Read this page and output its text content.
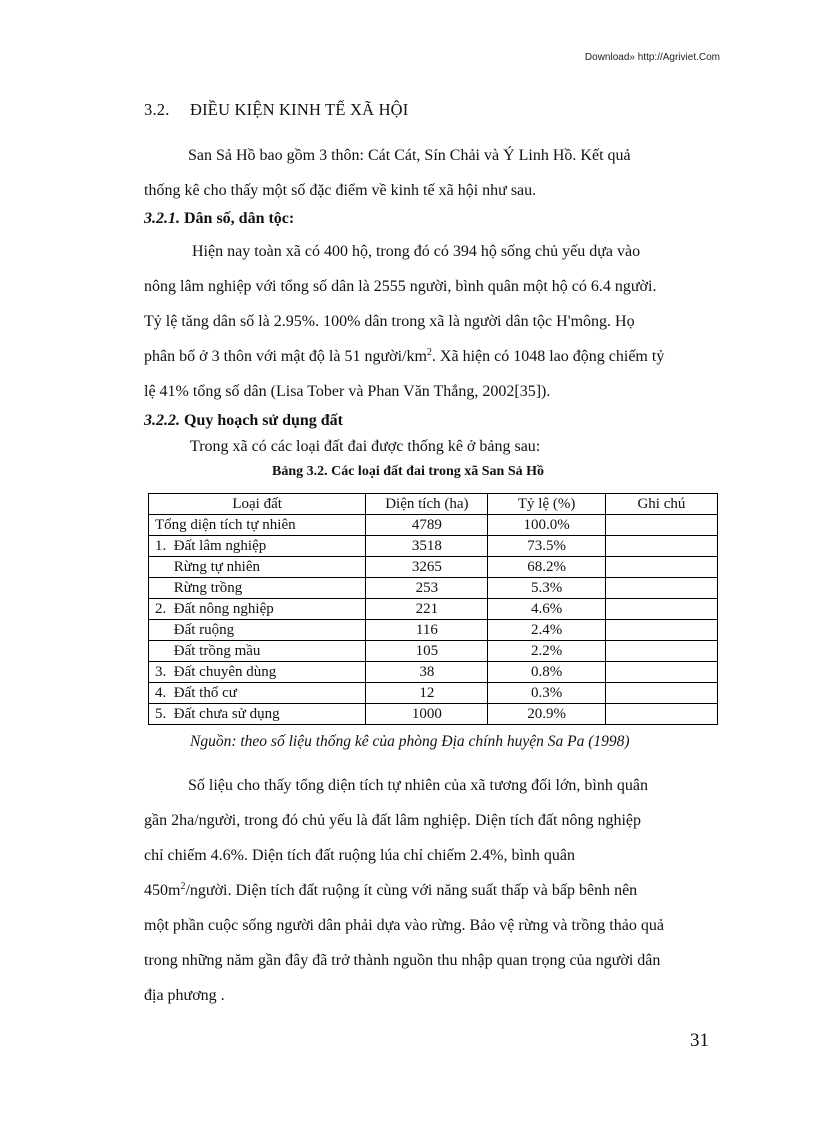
Download» http://Agriviet.Com
3.2. ĐIỀU KIỆN KINH TẾ XÃ HỘI
San Sả Hồ bao gồm 3 thôn: Cát Cát, Sín Chải và Ý Linh Hồ. Kết quả
thống kê cho thấy một số đặc điểm về kinh tế xã hội như sau.
3.2.1. Dân số, dân tộc:
Hiện nay toàn xã có 400 hộ, trong đó có 394 hộ sống chủ yếu dựa vào
nông lâm nghiệp với tổng số dân là 2555 người, bình quân một hộ có 6.4 người.
Tỷ lệ tăng dân số là 2.95%. 100% dân trong xã là người dân tộc H'mông. Họ
phân bố ở 3 thôn với mật độ là 51 người/$km^2$. Xã hiện có 1048 lao động chiếm tỷ
lệ 41% tổng số dân (Lisa Tober và Phan Văn Thắng, 2002[35]).
3.2.2. Quy hoạch sử dụng đất
Trong xã có các loại đất đai được thống kê ở bảng sau:
Bảng 3.2. Các loại đất đai trong xã San Sả Hồ
Loại đất	Diện tích (ha)	Tỷ lệ (%)	Ghi chú
Tổng diện tích tự nhiên	4789	100.0%	
1.  Đất lâm nghiệp	3518	73.5%	
Rừng tự nhiên	3265	68.2%	
Rừng trồng	253	5.3%	
2.  Đất nông nghiệp	221	4.6%	
Đất ruộng	116	2.4%	
Đất trồng mầu	105	2.2%	
3.  Đất chuyên dùng	38	0.8%	
4.  Đất thổ cư	12	0.3%	
5.  Đất chưa sử dụng	1000	20.9%	
Nguồn: theo số liệu thống kê của phòng Địa chính huyện Sa Pa (1998)
Số liệu cho thấy tổng diện tích tự nhiên của xã tương đối lớn, bình quân
gần 2ha/người, trong đó chủ yếu là đất lâm nghiệp. Diện tích đất nông nghiệp
chỉ chiếm 4.6%. Diện tích đất ruộng lúa chỉ chiếm 2.4%, bình quân
$450m^2$/người. Diện tích đất ruộng ít cùng với năng suất thấp và bấp bênh nên
một phần cuộc sống người dân phải dựa vào rừng. Bảo vệ rừng và trồng thảo quả
trong những năm gần đây đã trở thành nguồn thu nhập quan trọng của người dân
địa phương .
31
